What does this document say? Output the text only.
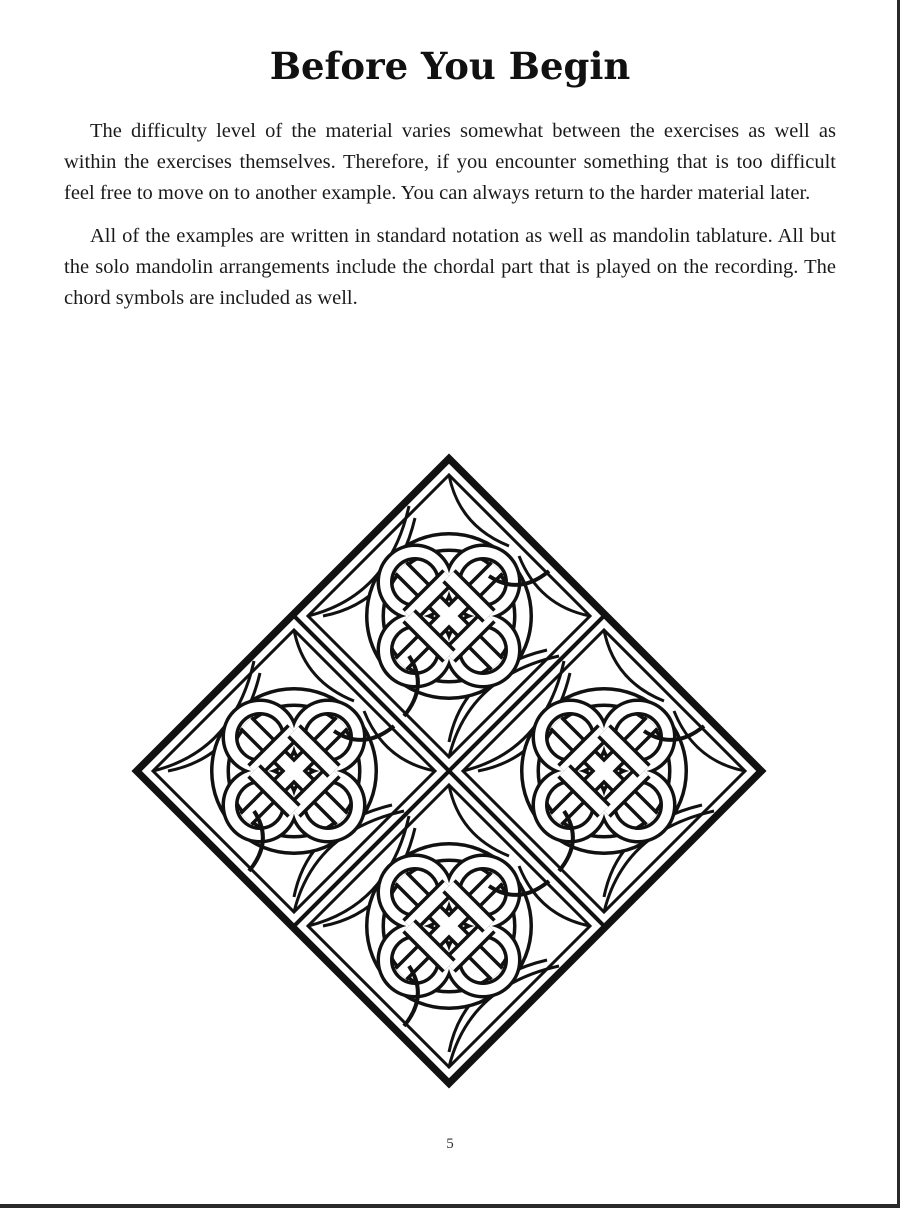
Before You Begin

The difficulty level of the material varies somewhat between the exercises as well as within the exercises themselves. Therefore, if you encounter something that is too difficult feel free to move on to another example. You can always return to the harder material later.

All of the examples are written in standard notation as well as mandolin tablature. All but the solo mandolin arrangements include the chordal part that is played on the recording. The chord symbols are included as well.

5
